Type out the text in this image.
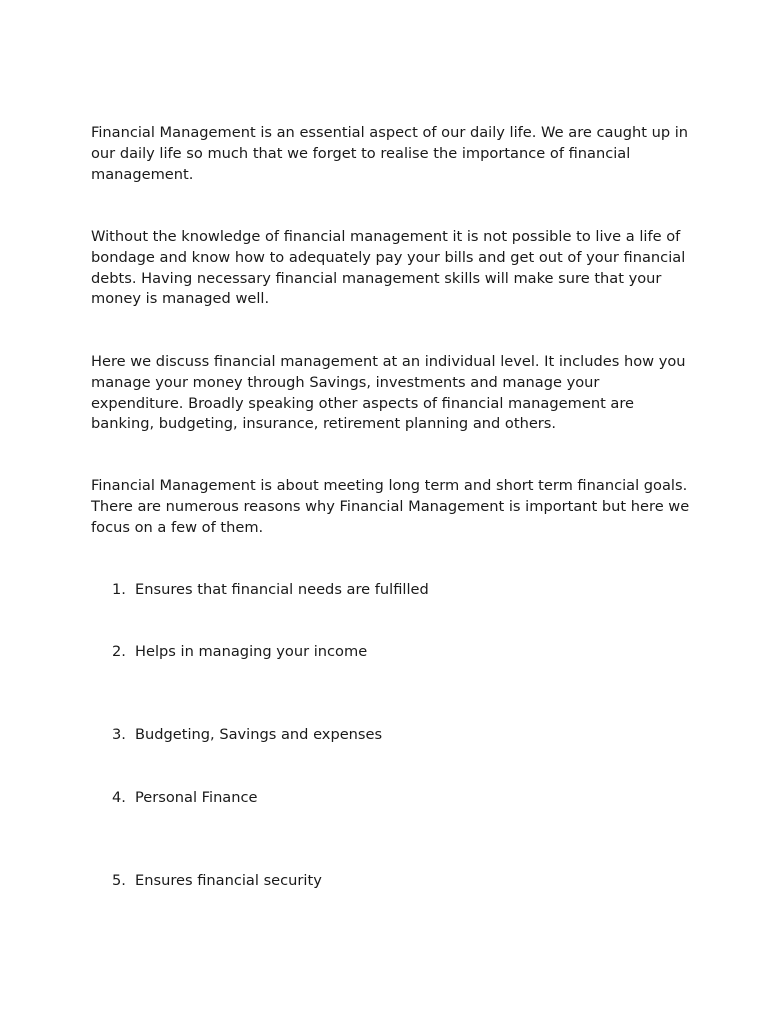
Financial Management is an essential aspect of our daily life. We are caught up in our daily life so much that we forget to realise the importance of financial management.

Without the knowledge of financial management it is not possible to live a life of bondage and know how to adequately pay your bills and get out of your financial debts. Having necessary financial management skills will make sure that your money is managed well.

Here we discuss financial management at an individual level. It includes how you manage your money through Savings, investments and manage your expenditure. Broadly speaking other aspects of financial management are banking, budgeting, insurance, retirement planning and others.

Financial Management is about meeting long term and short term financial goals. There are numerous reasons why Financial Management is important but here we focus on a few of them.

1. Ensures that financial needs are fulfilled
2. Helps in managing your income
3. Budgeting, Savings and expenses
4. Personal Finance
5. Ensures financial security
